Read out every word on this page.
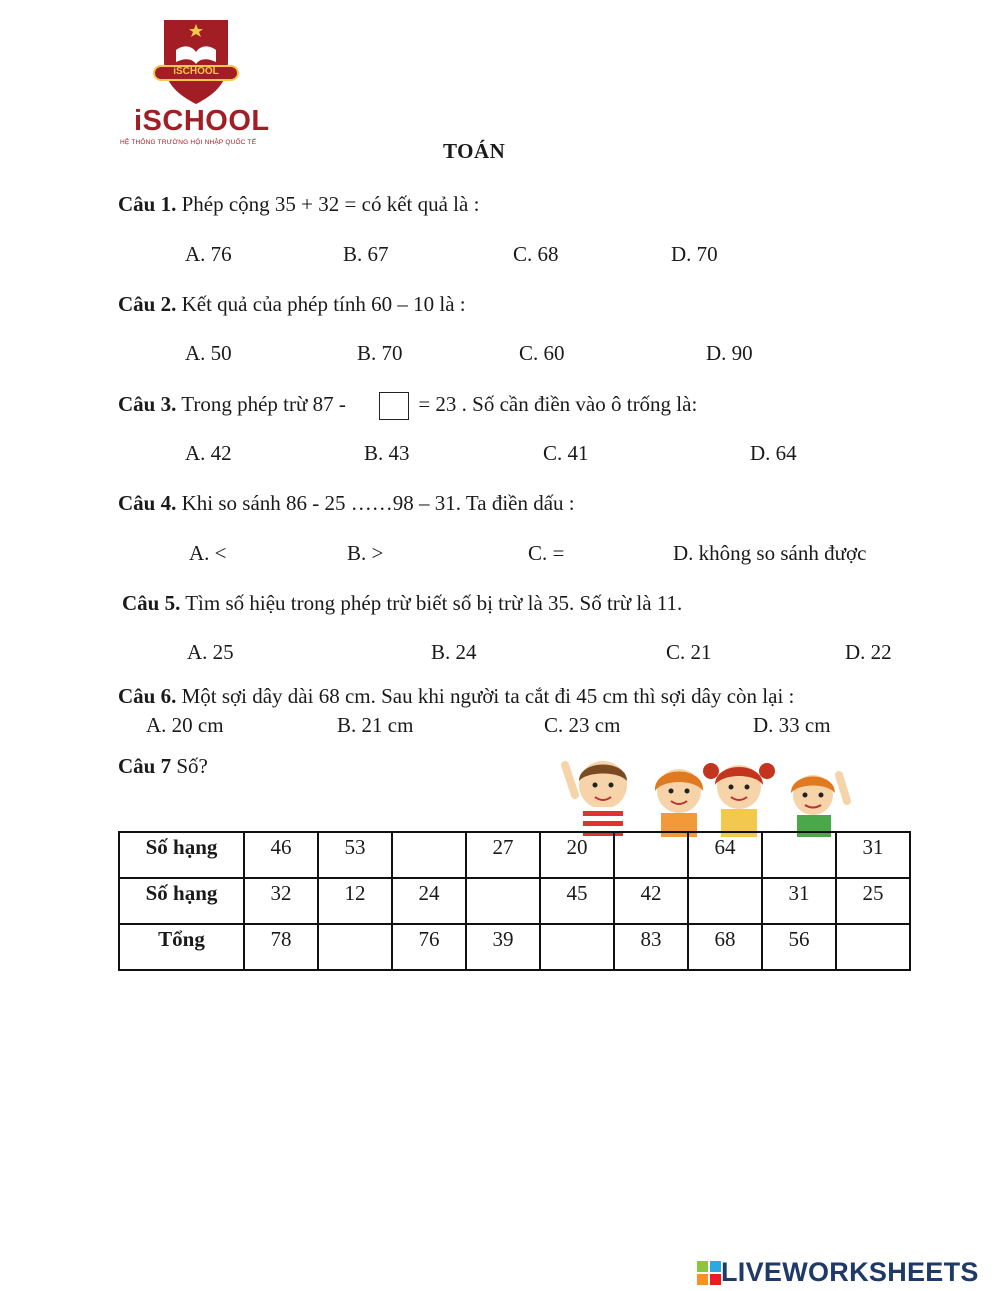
iSCHOOL
iSCHOOL
HỆ THỐNG TRƯỜNG HỘI NHẬP QUỐC TẾ	TOÁN
Câu 1. Phép cộng 35 + 32 = có kết quả là :
A. 76	B. 67	C. 68	D. 70
Câu 2. Kết quả của phép tính 60 – 10 là :
A. 50	B. 70	C. 60	D. 90
Câu 3. Trong phép trừ 87 -	= 23 . Số cần điền vào ô trống là:
A. 42	B. 43	C. 41	D. 64
Câu 4. Khi so sánh 86 - 25 ……98 – 31. Ta điền dấu :
A. <	B. >	C. =	D. không so sánh được
Câu 5. Tìm số hiệu trong phép trừ biết số bị trừ là 35. Số trừ là 11.
A. 25	B. 24	C. 21	D. 22
Câu 6. Một sợi dây dài 68 cm. Sau khi người ta cắt đi 45 cm thì sợi dây còn lại :
A. 20 cm	B. 21 cm	C. 23 cm	D. 33 cm
Câu 7 Số?
Số hạng	46	53		27	20		64		31
Số hạng	32	12	24		45	42		31	25
Tổng	78		76	39		83	68	56	
LIVEWORKSHEETS
